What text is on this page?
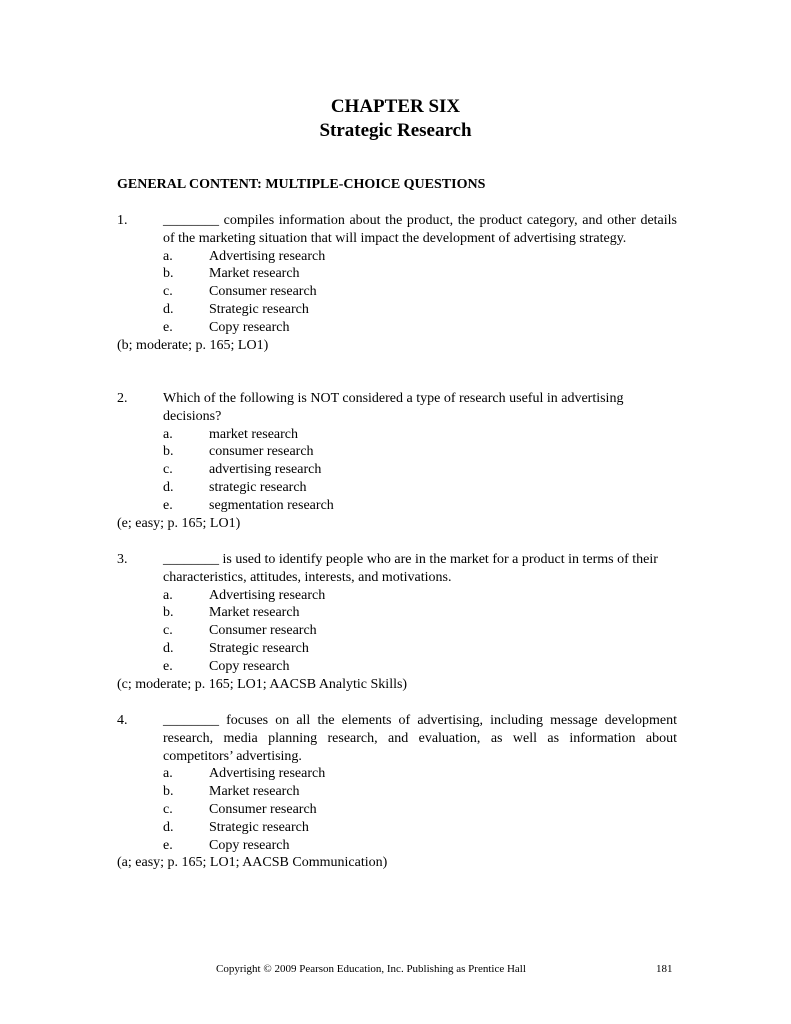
CHAPTER SIX
Strategic Research
GENERAL CONTENT: MULTIPLE-CHOICE QUESTIONS
1.	________ compiles information about the product, the product category, and other details of the marketing situation that will impact the development of advertising strategy.
a.	Advertising research
b.	Market research
c.	Consumer research
d.	Strategic research
e.	Copy research
(b; moderate; p. 165; LO1)
2.	Which of the following is NOT considered a type of research useful in advertising decisions?
a.	market research
b.	consumer research
c.	advertising research
d.	strategic research
e.	segmentation research
(e; easy; p. 165; LO1)
3.	________ is used to identify people who are in the market for a product in terms of their characteristics, attitudes, interests, and motivations.
a.	Advertising research
b.	Market research
c.	Consumer research
d.	Strategic research
e.	Copy research
(c; moderate; p. 165; LO1; AACSB Analytic Skills)
4.	________ focuses on all the elements of advertising, including message development research, media planning research, and evaluation, as well as information about competitors’ advertising.
a.	Advertising research
b.	Market research
c.	Consumer research
d.	Strategic research
e.	Copy research
(a; easy; p. 165; LO1; AACSB Communication)
Copyright © 2009 Pearson Education, Inc. Publishing as Prentice Hall	181
